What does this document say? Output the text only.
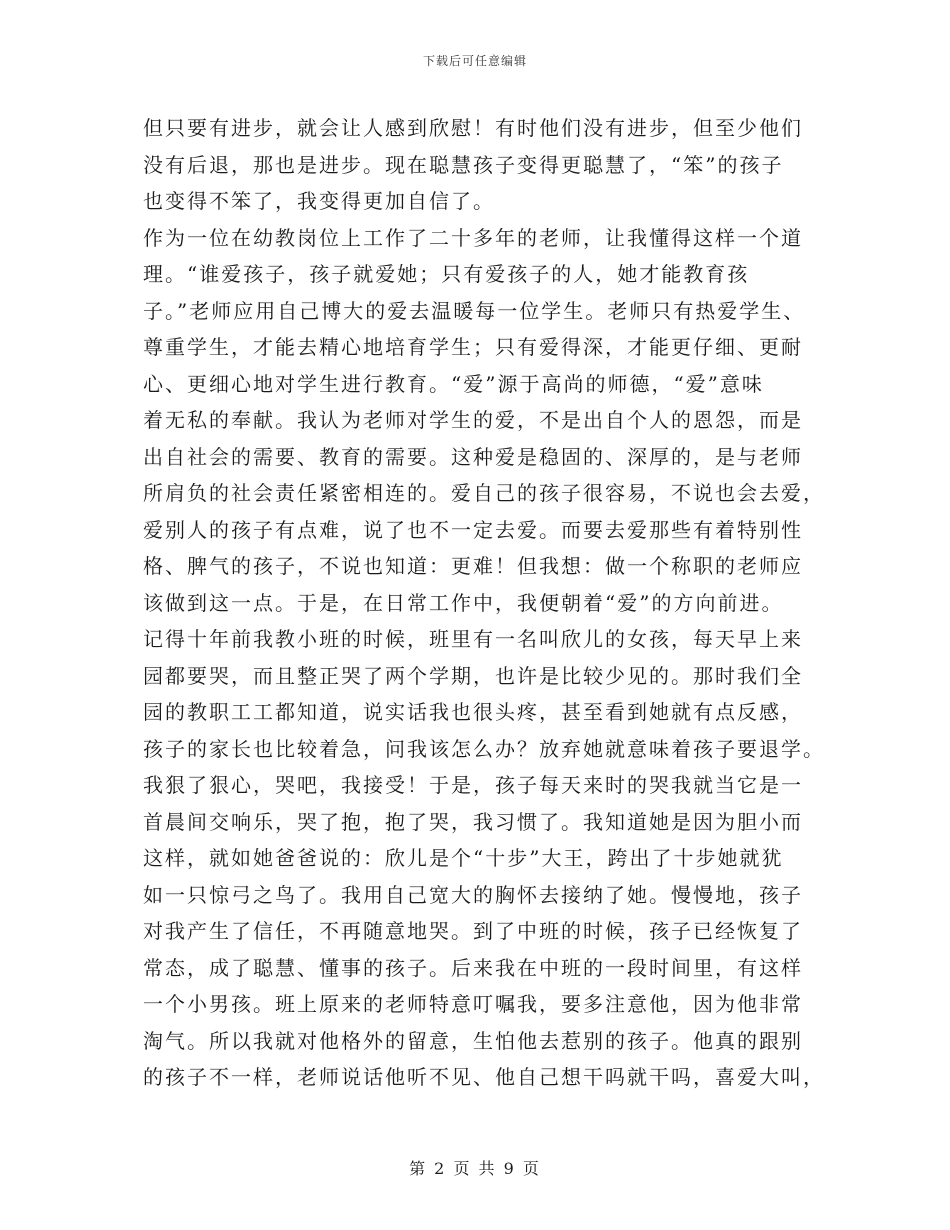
下载后可任意编辑
但只要有进步，就会让人感到欣慰！有时他们没有进步，但至少他们
没有后退，那也是进步。现在聪慧孩子变得更聪慧了，“笨”的孩子
也变得不笨了，我变得更加自信了。
作为一位在幼教岗位上工作了二十多年的老师，让我懂得这样一个道
理。“谁爱孩子，孩子就爱她；只有爱孩子的人，她才能教育孩
子。”老师应用自己博大的爱去温暖每一位学生。老师只有热爱学生、
尊重学生，才能去精心地培育学生；只有爱得深，才能更仔细、更耐
心、更细心地对学生进行教育。“爱”源于高尚的师德，“爱”意味
着无私的奉献。我认为老师对学生的爱，不是出自个人的恩怨，而是
出自社会的需要、教育的需要。这种爱是稳固的、深厚的，是与老师
所肩负的社会责任紧密相连的。爱自己的孩子很容易，不说也会去爱，
爱别人的孩子有点难，说了也不一定去爱。而要去爱那些有着特别性
格、脾气的孩子，不说也知道：更难！但我想：做一个称职的老师应
该做到这一点。于是，在日常工作中，我便朝着“爱”的方向前进。
记得十年前我教小班的时候，班里有一名叫欣儿的女孩，每天早上来
园都要哭，而且整正哭了两个学期，也许是比较少见的。那时我们全
园的教职工工都知道，说实话我也很头疼，甚至看到她就有点反感，
孩子的家长也比较着急，问我该怎么办？放弃她就意味着孩子要退学。
我狠了狠心，哭吧，我接受！于是，孩子每天来时的哭我就当它是一
首晨间交响乐，哭了抱，抱了哭，我习惯了。我知道她是因为胆小而
这样，就如她爸爸说的：欣儿是个“十步”大王，跨出了十步她就犹
如一只惊弓之鸟了。我用自己宽大的胸怀去接纳了她。慢慢地，孩子
对我产生了信任，不再随意地哭。到了中班的时候，孩子已经恢复了
常态，成了聪慧、懂事的孩子。后来我在中班的一段时间里，有这样
一个小男孩。班上原来的老师特意叮嘱我，要多注意他，因为他非常
淘气。所以我就对他格外的留意，生怕他去惹别的孩子。他真的跟别
的孩子不一样，老师说话他听不见、他自己想干吗就干吗，喜爱大叫，
第 2 页 共 9 页
